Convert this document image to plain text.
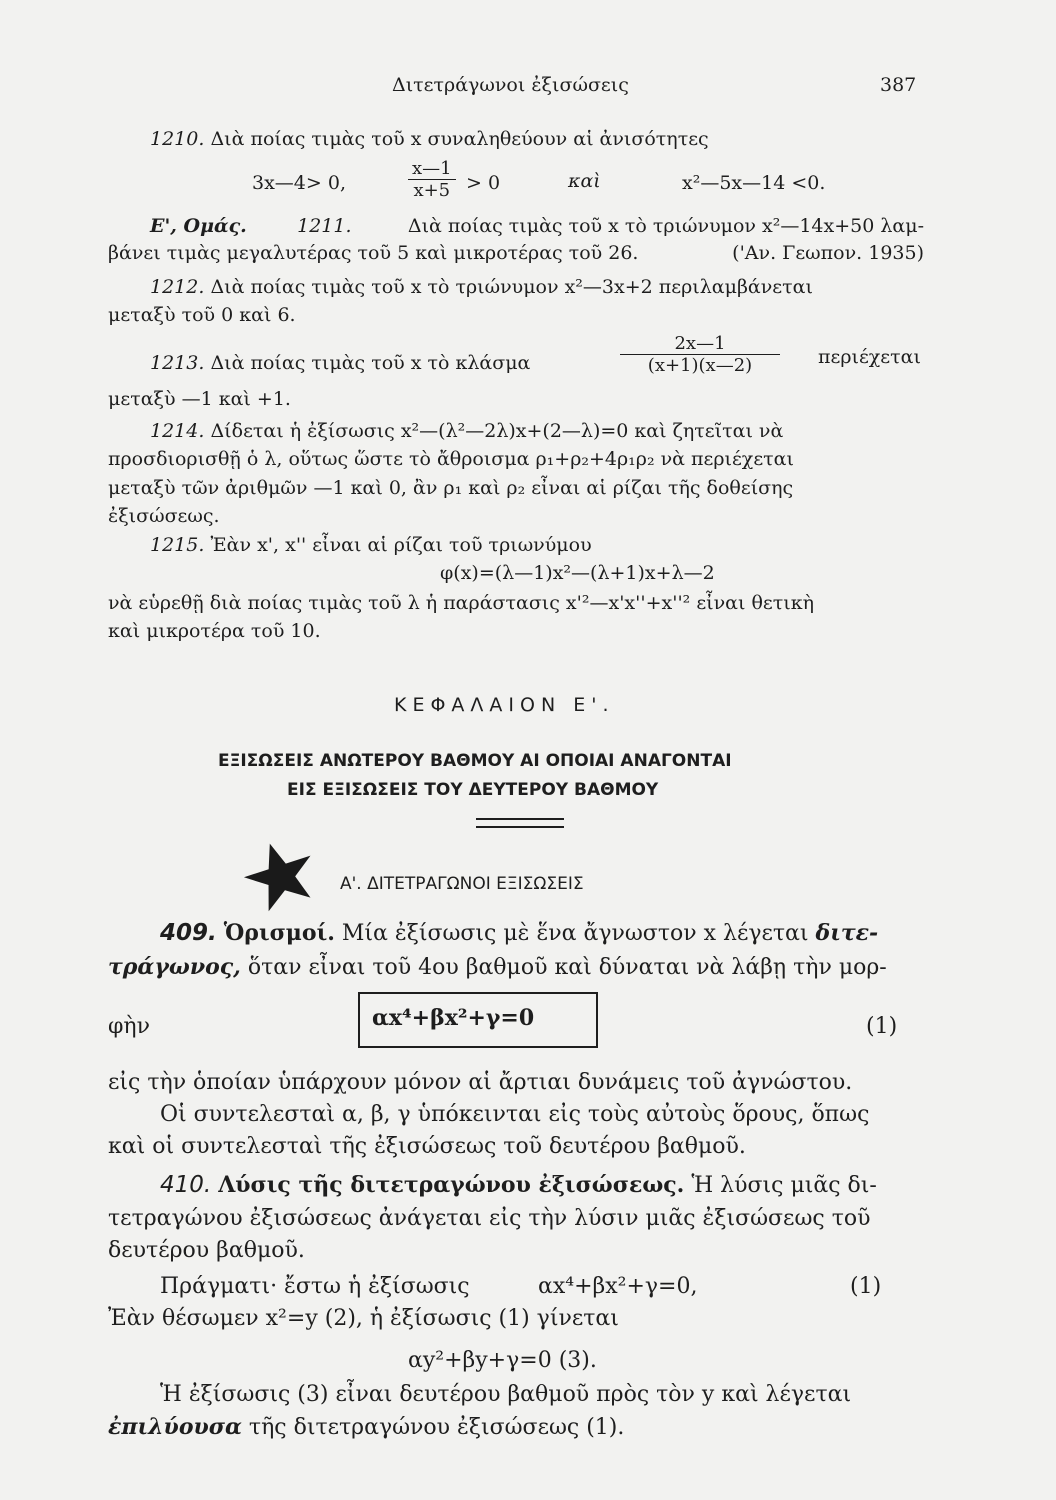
Διτετράγωνοι ἐξισώσεις	387
1210. Διὰ ποίας τιμὰς τοῦ x συναληθεύουν αἱ ἀνισότητες
3x—4> 0,	$\frac{x—1}{x+5} > 0$	καὶ	x²—5x—14 <0.
E', Ομάς.	1211.	Διὰ ποίας τιμὰς τοῦ x τὸ τριώνυμον x²—14x+50 λαμ-
βάνει τιμὰς μεγαλυτέρας τοῦ 5 καὶ μικροτέρας τοῦ 26.	('Αν. Γεωπον. 1935)
1212. Διὰ ποίας τιμὰς τοῦ x τὸ τριώνυμον x²—3x+2 περιλαμβάνεται
μεταξὺ τοῦ 0 καὶ 6.
1213. Διὰ ποίας τιμὰς τοῦ x τὸ κλάσμα	$\frac{2x—1}{(x+1)(x—2)}$ περιέχεται
μεταξὺ —1 καὶ +1.
1214. Δίδεται ἡ ἐξίσωσις x²—(λ²—2λ)x+(2—λ)=0 καὶ ζητεῖται νὰ
προσδιορισθῇ ὁ λ, οὕτως ὥστε τὸ ἄθροισμα ρ₁+ρ₂+4ρ₁ρ₂ νὰ περιέχεται
μεταξὺ τῶν ἀριθμῶν —1 καὶ 0, ἂν ρ₁ καὶ ρ₂ εἶναι αἱ ρίζαι τῆς δοθείσης
ἐξισώσεως.
1215. Ἐὰν x', x'' εἶναι αἱ ρίζαι τοῦ τριωνύμου
φ(x)=(λ—1)x²—(λ+1)x+λ—2
νὰ εὑρεθῇ διὰ ποίας τιμὰς τοῦ λ ἡ παράστασις x'²—x'x''+x''² εἶναι θετικὴ
καὶ μικροτέρα τοῦ 10.
ΚΕΦΑΛΑΙΟΝ Ε'.
ΕΞΙΣΩΣΕΙΣ ΑΝΩΤΕΡΟΥ ΒΑΘΜΟΥ ΑΙ ΟΠΟΙΑΙ ΑΝΑΓΟΝΤΑΙ
ΕΙΣ ΕΞΙΣΩΣΕΙΣ ΤΟΥ ΔΕΥΤΕΡΟΥ ΒΑΘΜΟΥ
Α'. ΔΙΤΕΤΡΑΓΩΝΟΙ ΕΞΙΣΩΣΕΙΣ
409. Ὁρισμοί. Μία ἐξίσωσις μὲ ἕνα ἄγνωστον x λέγεται διτε-
τράγωνος, ὅταν εἶναι τοῦ 4ου βαθμοῦ καὶ δύναται νὰ λάβῃ τὴν μορ-
φὴν	αx⁴+βx²+γ=0	(1)
εἰς τὴν ὁποίαν ὑπάρχουν μόνον αἱ ἄρτιαι δυνάμεις τοῦ ἀγνώστου.
Οἱ συντελεσταὶ α, β, γ ὑπόκεινται εἰς τοὺς αὐτοὺς ὅρους, ὅπως
καὶ οἱ συντελεσταὶ τῆς ἐξισώσεως τοῦ δευτέρου βαθμοῦ.
410. Λύσις τῆς διτετραγώνου ἐξισώσεως. Ἡ λύσις μιᾶς δι-
τετραγώνου ἐξισώσεως ἀνάγεται εἰς τὴν λύσιν μιᾶς ἐξισώσεως τοῦ
δευτέρου βαθμοῦ.
Πράγματι· ἔστω ἡ ἐξίσωσις	αx⁴+βx²+γ=0,	(1)
Ἐὰν θέσωμεν x²=y (2), ἡ ἐξίσωσις (1) γίνεται
αy²+βy+γ=0 (3).
Ἡ ἐξίσωσις (3) εἶναι δευτέρου βαθμοῦ πρὸς τὸν y καὶ λέγεται
ἐπιλύουσα τῆς διτετραγώνου ἐξισώσεως (1).
